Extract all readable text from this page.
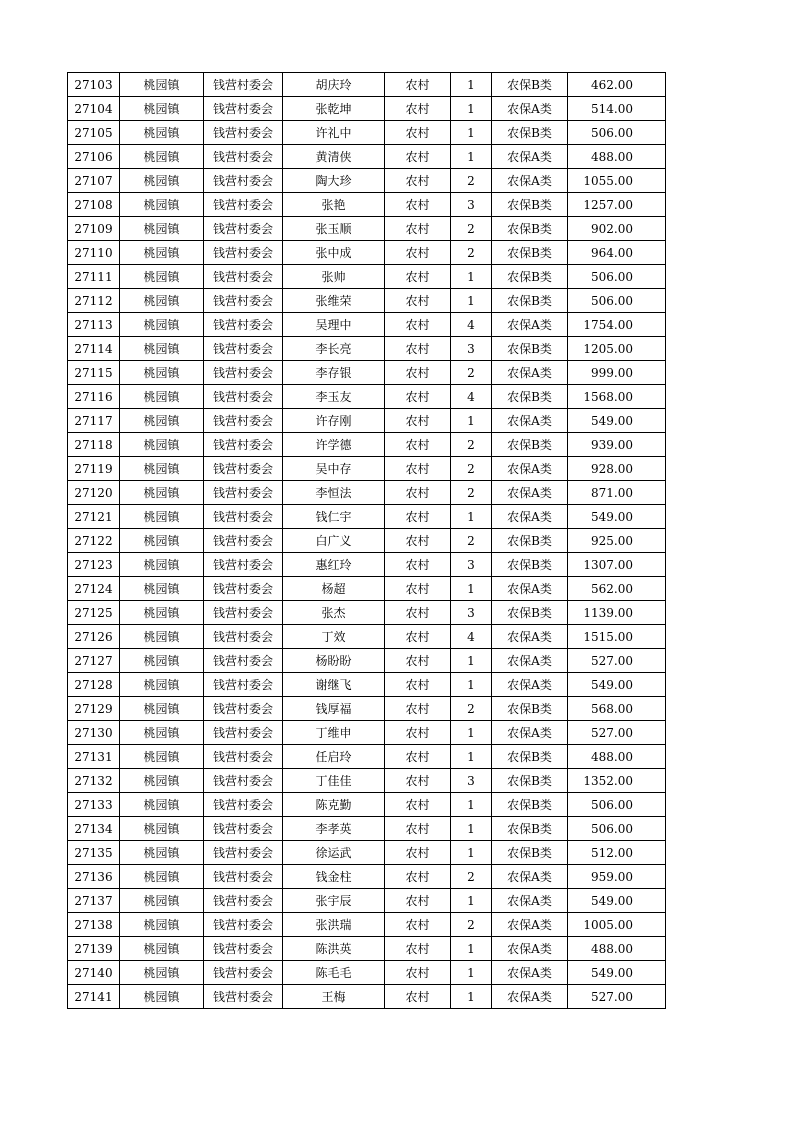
27103	桃园镇	钱营村委会	胡庆玲	农村	1	农保B类	462.00
27104	桃园镇	钱营村委会	张乾坤	农村	1	农保A类	514.00
27105	桃园镇	钱营村委会	许礼中	农村	1	农保B类	506.00
27106	桃园镇	钱营村委会	黄清侠	农村	1	农保A类	488.00
27107	桃园镇	钱营村委会	陶大珍	农村	2	农保A类	1055.00
27108	桃园镇	钱营村委会	张艳	农村	3	农保B类	1257.00
27109	桃园镇	钱营村委会	张玉顺	农村	2	农保B类	902.00
27110	桃园镇	钱营村委会	张中成	农村	2	农保B类	964.00
27111	桃园镇	钱营村委会	张帅	农村	1	农保B类	506.00
27112	桃园镇	钱营村委会	张维荣	农村	1	农保B类	506.00
27113	桃园镇	钱营村委会	吴理中	农村	4	农保A类	1754.00
27114	桃园镇	钱营村委会	李长亮	农村	3	农保B类	1205.00
27115	桃园镇	钱营村委会	李存银	农村	2	农保A类	999.00
27116	桃园镇	钱营村委会	李玉友	农村	4	农保B类	1568.00
27117	桃园镇	钱营村委会	许存刚	农村	1	农保A类	549.00
27118	桃园镇	钱营村委会	许学德	农村	2	农保B类	939.00
27119	桃园镇	钱营村委会	吴中存	农村	2	农保A类	928.00
27120	桃园镇	钱营村委会	李恒法	农村	2	农保A类	871.00
27121	桃园镇	钱营村委会	钱仁宇	农村	1	农保A类	549.00
27122	桃园镇	钱营村委会	白广义	农村	2	农保B类	925.00
27123	桃园镇	钱营村委会	惠红玲	农村	3	农保B类	1307.00
27124	桃园镇	钱营村委会	杨超	农村	1	农保A类	562.00
27125	桃园镇	钱营村委会	张杰	农村	3	农保B类	1139.00
27126	桃园镇	钱营村委会	丁效	农村	4	农保A类	1515.00
27127	桃园镇	钱营村委会	杨盼盼	农村	1	农保A类	527.00
27128	桃园镇	钱营村委会	谢继飞	农村	1	农保A类	549.00
27129	桃园镇	钱营村委会	钱厚福	农村	2	农保B类	568.00
27130	桃园镇	钱营村委会	丁维申	农村	1	农保A类	527.00
27131	桃园镇	钱营村委会	任启玲	农村	1	农保B类	488.00
27132	桃园镇	钱营村委会	丁佳佳	农村	3	农保B类	1352.00
27133	桃园镇	钱营村委会	陈克勤	农村	1	农保B类	506.00
27134	桃园镇	钱营村委会	李孝英	农村	1	农保B类	506.00
27135	桃园镇	钱营村委会	徐运武	农村	1	农保B类	512.00
27136	桃园镇	钱营村委会	钱金柱	农村	2	农保A类	959.00
27137	桃园镇	钱营村委会	张宇辰	农村	1	农保A类	549.00
27138	桃园镇	钱营村委会	张洪瑞	农村	2	农保A类	1005.00
27139	桃园镇	钱营村委会	陈洪英	农村	1	农保A类	488.00
27140	桃园镇	钱营村委会	陈毛毛	农村	1	农保A类	549.00
27141	桃园镇	钱营村委会	王梅	农村	1	农保A类	527.00
